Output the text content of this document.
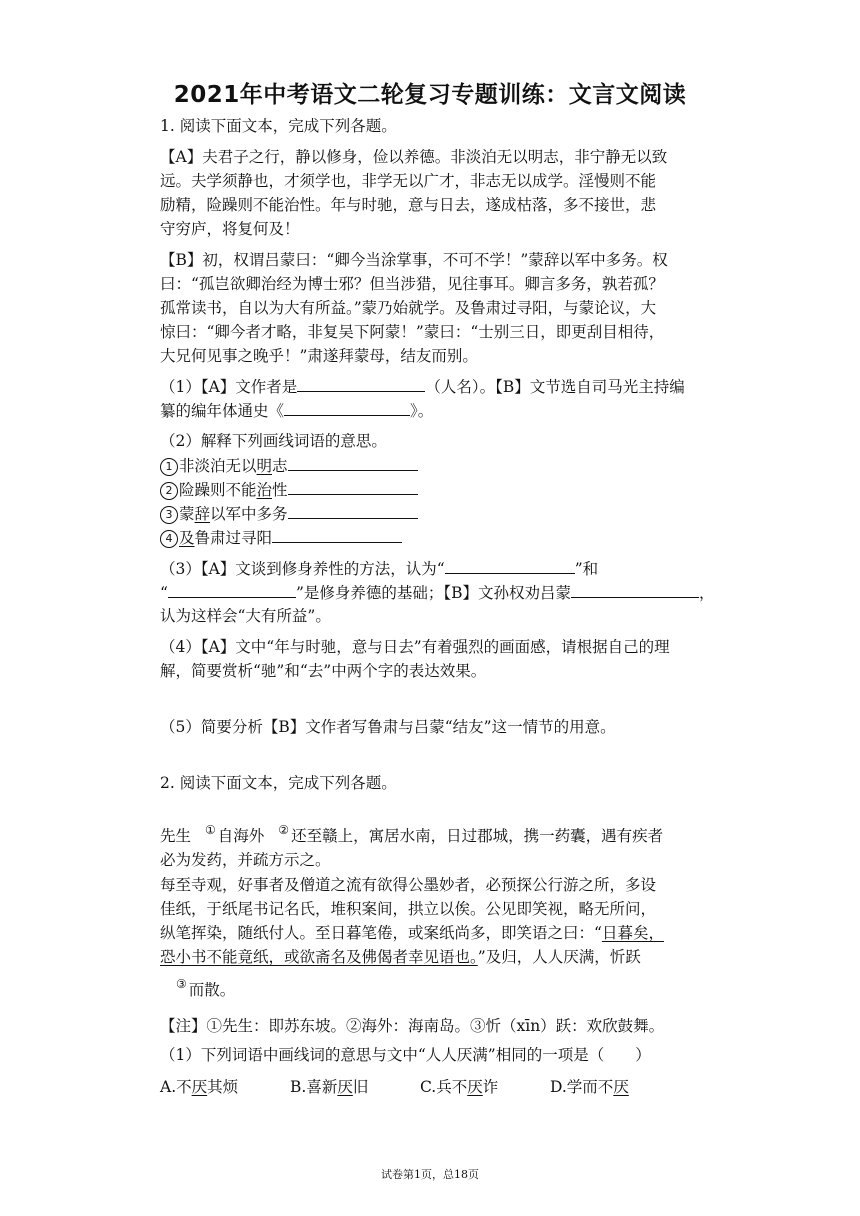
2021年中考语文二轮复习专题训练：文言文阅读
1. 阅读下面文本，完成下列各题。
【A】夫君子之行，静以修身，俭以养德。非淡泊无以明志，非宁静无以致
远。夫学须静也，才须学也，非学无以广才，非志无以成学。淫慢则不能
励精，险躁则不能治性。年与时驰，意与日去，遂成枯落，多不接世，悲
守穷庐，将复何及！
【B】初，权谓吕蒙曰：“卿今当涂掌事，不可不学！”蒙辞以军中多务。权
曰：“孤岂欲卿治经为博士邪？但当涉猎，见往事耳。卿言多务，孰若孤？
孤常读书，自以为大有所益。”蒙乃始就学。及鲁肃过寻阳，与蒙论议，大
惊曰：“卿今者才略，非复吴下阿蒙！”蒙曰：“士别三日，即更刮目相待，
大兄何见事之晚乎！”肃遂拜蒙母，结友而别。
（1）【A】文作者是	（人名）。【B】文节选自司马光主持编
纂的编年体通史《	》。
（2）解释下列画线词语的意思。
1 非淡泊无以明志
2 险躁则不能治性
3 蒙辞以军中多务
4 及鲁肃过寻阳
（3）【A】文谈到修身养性的方法，认为“	”和
“	”是修身养德的基础；【B】文孙权劝吕蒙	，
认为这样会“大有所益”。
（4）【A】文中“年与时驰，意与日去”有着强烈的画面感，请根据自己的理
解，简要赏析“驰”和“去”中两个字的表达效果。
（5）简要分析【B】文作者写鲁肃与吕蒙“结友”这一情节的用意。
2. 阅读下面文本，完成下列各题。
先生 ① 自海外 ② 还至赣上，寓居水南，日过郡城，携一药囊，遇有疾者
必为发药，并疏方示之。
每至寺观，好事者及僧道之流有欲得公墨妙者，必预探公行游之所，多设
佳纸，于纸尾书记名氏，堆积案间，拱立以俟。公见即笑视，略无所问，
纵笔挥染，随纸付人。至日暮笔倦，或案纸尚多，即笑语之曰：“日暮矣，
恐小书不能竟纸，或欲斋名及佛偈者幸见语也。”及归，人人厌满，忻跃
③ 而散。
【注】①先生：即苏东坡。②海外：海南岛。③忻（xīn）跃：欢欣鼓舞。
（1）下列词语中画线词的意思与文中“人人厌满”相同的一项是（　　）
A.不厌其烦	B.喜新厌旧	C.兵不厌诈	D.学而不厌
试卷第1页，总18页
